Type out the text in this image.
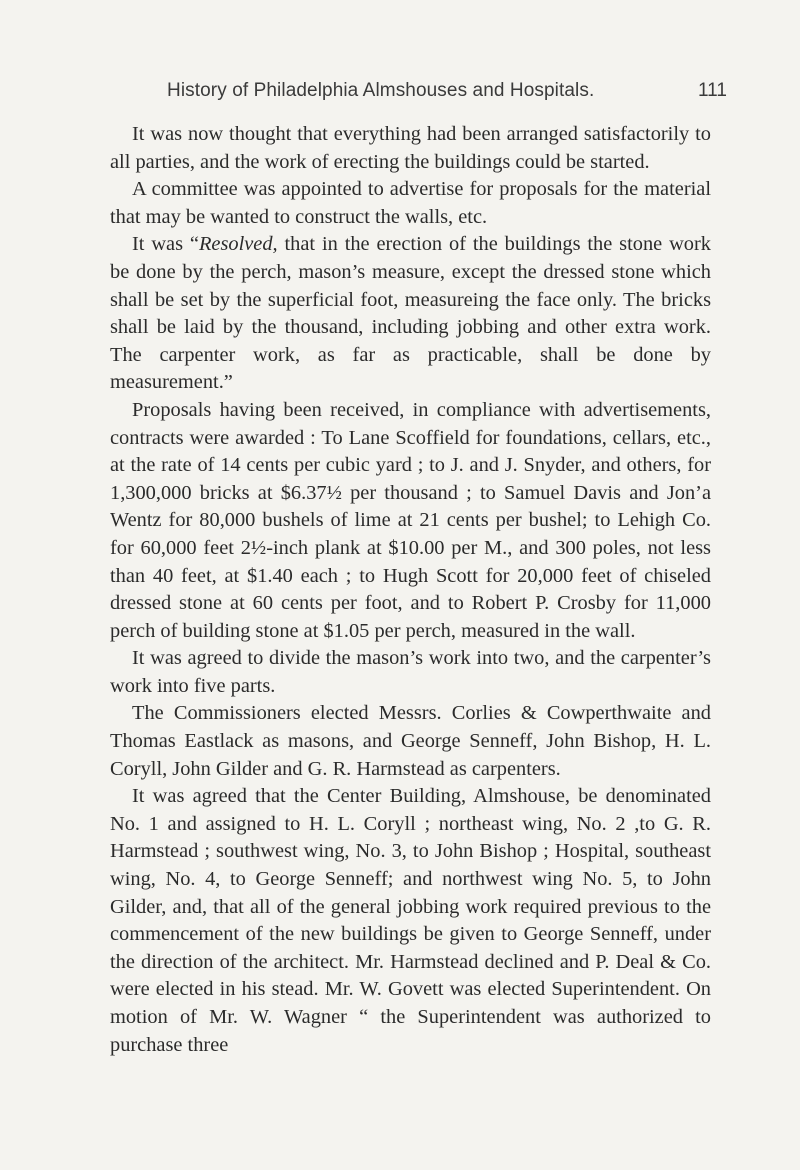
History of Philadelphia Almshouses and Hospitals.	111

It was now thought that everything had been arranged satisfactorily to all parties, and the work of erecting the buildings could be started.

A committee was appointed to advertise for proposals for the material that may be wanted to construct the walls, etc.

It was “Resolved, that in the erection of the buildings the stone work be done by the perch, mason’s measure, except the dressed stone which shall be set by the superficial foot, measureing the face only. The bricks shall be laid by the thousand, including jobbing and other extra work. The carpenter work, as far as practicable, shall be done by measurement.”

Proposals having been received, in compliance with advertisements, contracts were awarded : To Lane Scoffield for foundations, cellars, etc., at the rate of 14 cents per cubic yard ; to J. and J. Snyder, and others, for 1,300,000 bricks at $6.37½ per thousand ; to Samuel Davis and Jon’a Wentz for 80,000 bushels of lime at 21 cents per bushel; to Lehigh Co. for 60,000 feet 2½-inch plank at $10.00 per M., and 300 poles, not less than 40 feet, at $1.40 each ; to Hugh Scott for 20,000 feet of chiseled dressed stone at 60 cents per foot, and to Robert P. Crosby for 11,000 perch of building stone at $1.05 per perch, measured in the wall.

It was agreed to divide the mason’s work into two, and the carpenter’s work into five parts.

The Commissioners elected Messrs. Corlies & Cowperthwaite and Thomas Eastlack as masons, and George Senneff, John Bishop, H. L. Coryll, John Gilder and G. R. Harmstead as carpenters.

It was agreed that the Center Building, Almshouse, be denominated No. 1 and assigned to H. L. Coryll ; northeast wing, No. 2 ,to G. R. Harmstead ; southwest wing, No. 3, to John Bishop ; Hospital, southeast wing, No. 4, to George Senneff; and northwest wing No. 5, to John Gilder, and, that all of the general jobbing work required previous to the commencement of the new buildings be given to George Senneff, under the direction of the architect. Mr. Harmstead declined and P. Deal & Co. were elected in his stead. Mr. W. Govett was elected Superintendent. On motion of Mr. W. Wagner “ the Superintendent was authorized to purchase three
